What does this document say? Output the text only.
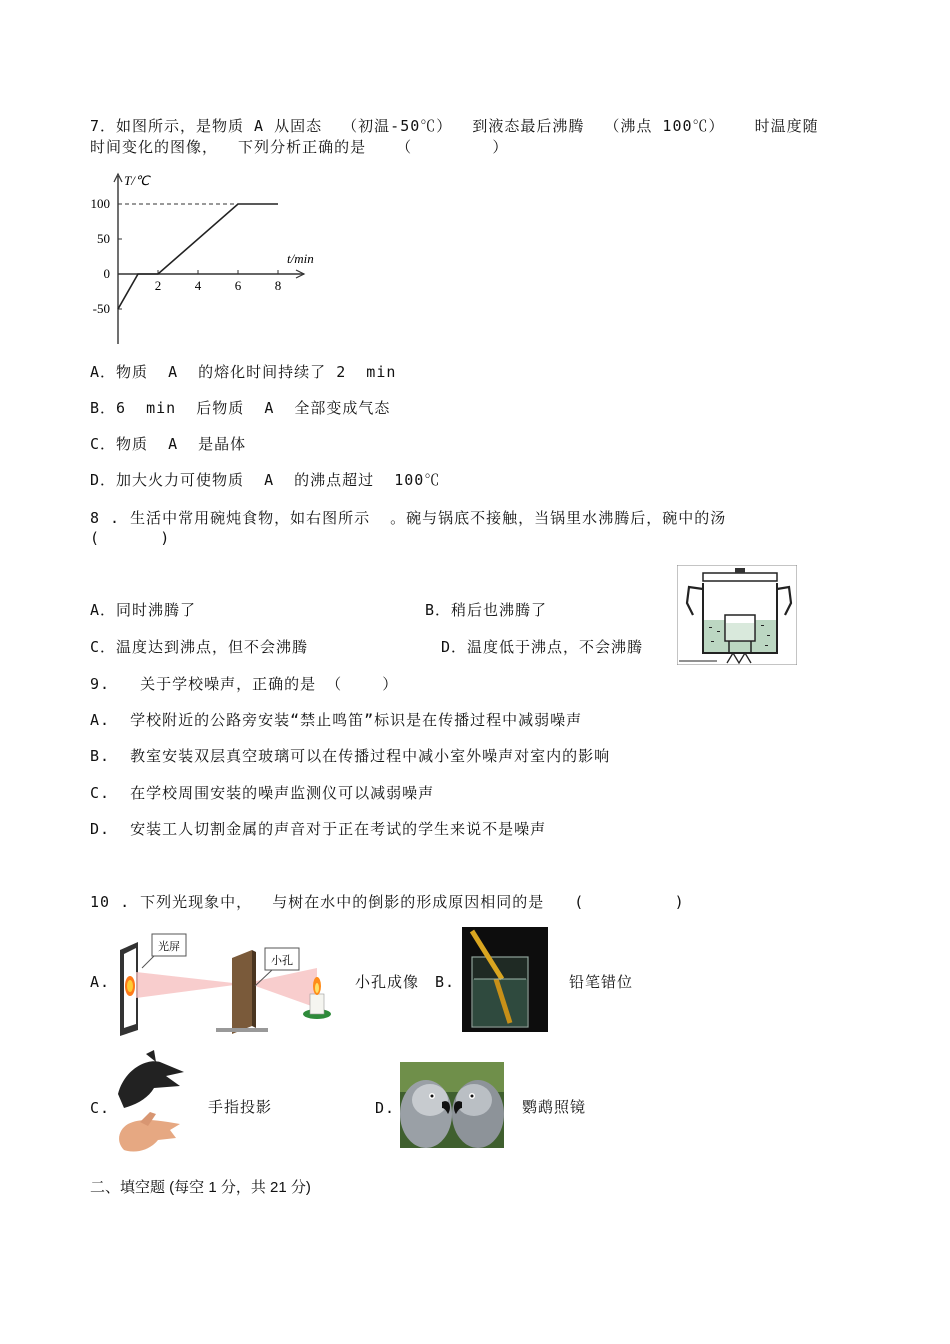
7．如图所示，是物质 A 从固态  （初温-50℃）  到液态最后沸腾  （沸点 100℃）   时温度随
时间变化的图像，  下列分析正确的是   （        ）
2	4	6	8
100
50
0
-50
T/℃
t/min
A．物质  A  的熔化时间持续了 2  min
B．6  min  后物质  A  全部变成气态
C．物质  A  是晶体
D．加大火力可使物质  A  的沸点超过  100℃
8 . 生活中常用碗炖食物，如右图所示  。碗与锅底不接触，当锅里水沸腾后，碗中的汤
(      )
A．同时沸腾了	B．稍后也沸腾了
C．温度达到沸点，但不会沸腾	D．温度低于沸点，不会沸腾
9.   关于学校噪声，正确的是 （    ）
A.  学校附近的公路旁安装“禁止鸣笛”标识是在传播过程中减弱噪声
B.  教室安装双层真空玻璃可以在传播过程中减小室外噪声对室内的影响
C.  在学校周围安装的噪声监测仪可以减弱噪声
D.  安装工人切割金属的声音对于正在考试的学生来说不是噪声
10 . 下列光现象中，  与树在水中的倒影的形成原因相同的是   (         )
A.
光屏
小孔
小孔成像 B.	铅笔错位
C.	手指投影	D.	鹦鹉照镜
二、填空题 (每空 1 分，共 21 分)
